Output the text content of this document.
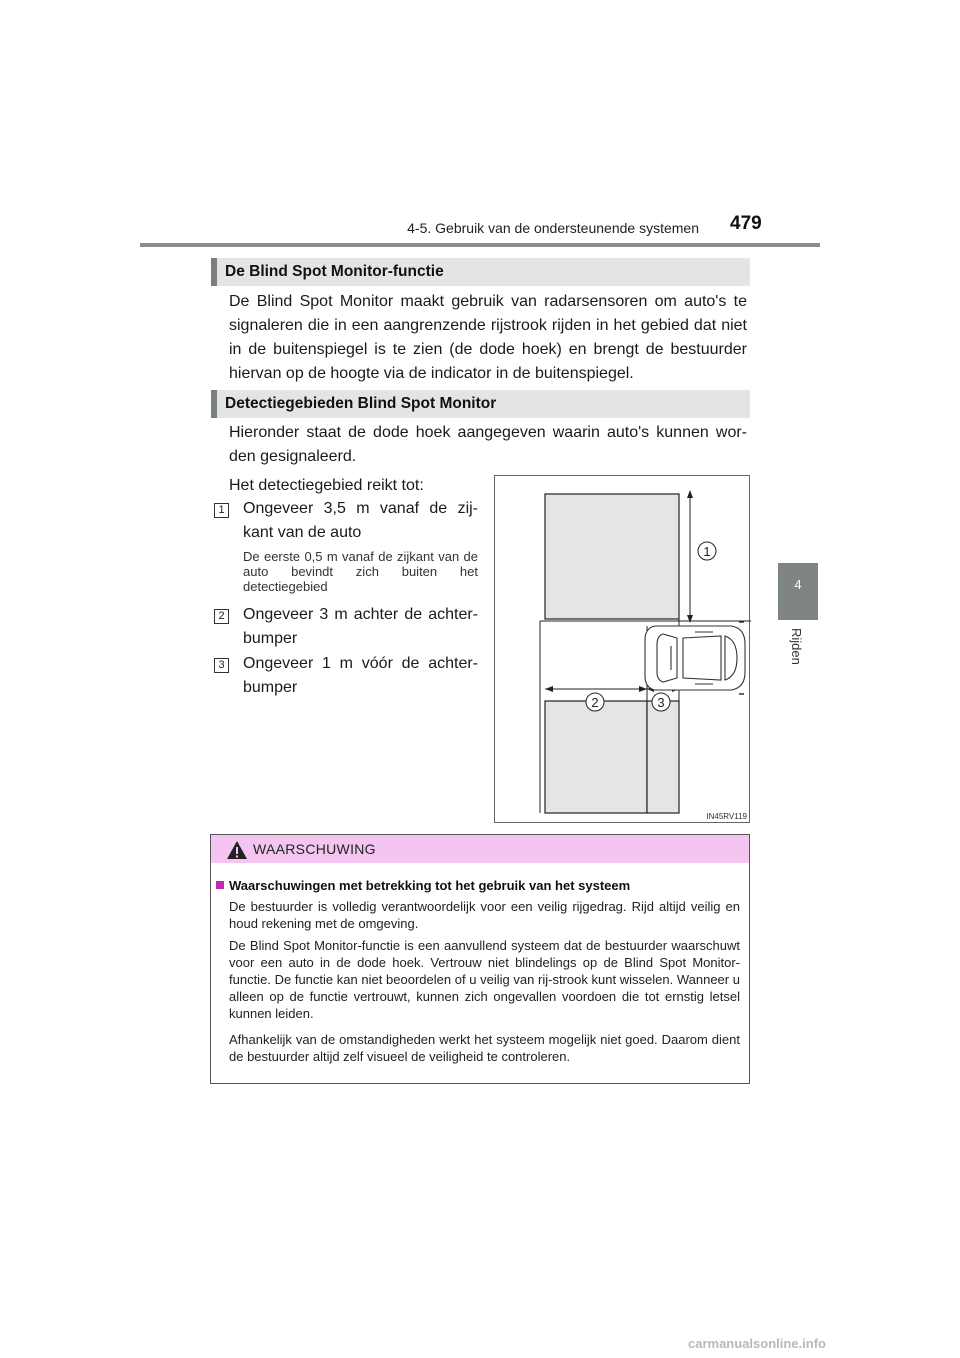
4-5. Gebruik van de ondersteunende systemen 479
4
Rijden
De Blind Spot Monitor-functie
De Blind Spot Monitor maakt gebruik van radarsensoren om auto's te signaleren die in een aangrenzende rijstrook rijden in het gebied dat niet in de buitenspiegel is te zien (de dode hoek) en brengt de bestuurder hiervan op de hoogte via de indicator in de buitenspiegel.
Detectiegebieden Blind Spot Monitor
Hieronder staat de dode hoek aangegeven waarin auto's kunnen wor-den gesignaleerd.
Het detectiegebied reikt tot:
1 Ongeveer 3,5 m vanaf de zij-kant van de auto
De eerste 0,5 m vanaf de zijkant van de auto bevindt zich buiten het detectiegebied
2 Ongeveer 3 m achter de achter-bumper
3 Ongeveer 1 m vóór de achter-bumper
1
2	3
IN45RV119
WAARSCHUWING
Waarschuwingen met betrekking tot het gebruik van het systeem
De bestuurder is volledig verantwoordelijk voor een veilig rijgedrag. Rijd altijd veilig en houd rekening met de omgeving.
De Blind Spot Monitor-functie is een aanvullend systeem dat de bestuurder waarschuwt voor een auto in de dode hoek. Vertrouw niet blindelings op de Blind Spot Monitor-functie. De functie kan niet beoordelen of u veilig van rij-strook kunt wisselen. Wanneer u alleen op de functie vertrouwt, kunnen zich ongevallen voordoen die tot ernstig letsel kunnen leiden.
Afhankelijk van de omstandigheden werkt het systeem mogelijk niet goed. Daarom dient de bestuurder altijd zelf visueel de veiligheid te controleren.
carmanualsonline.info
